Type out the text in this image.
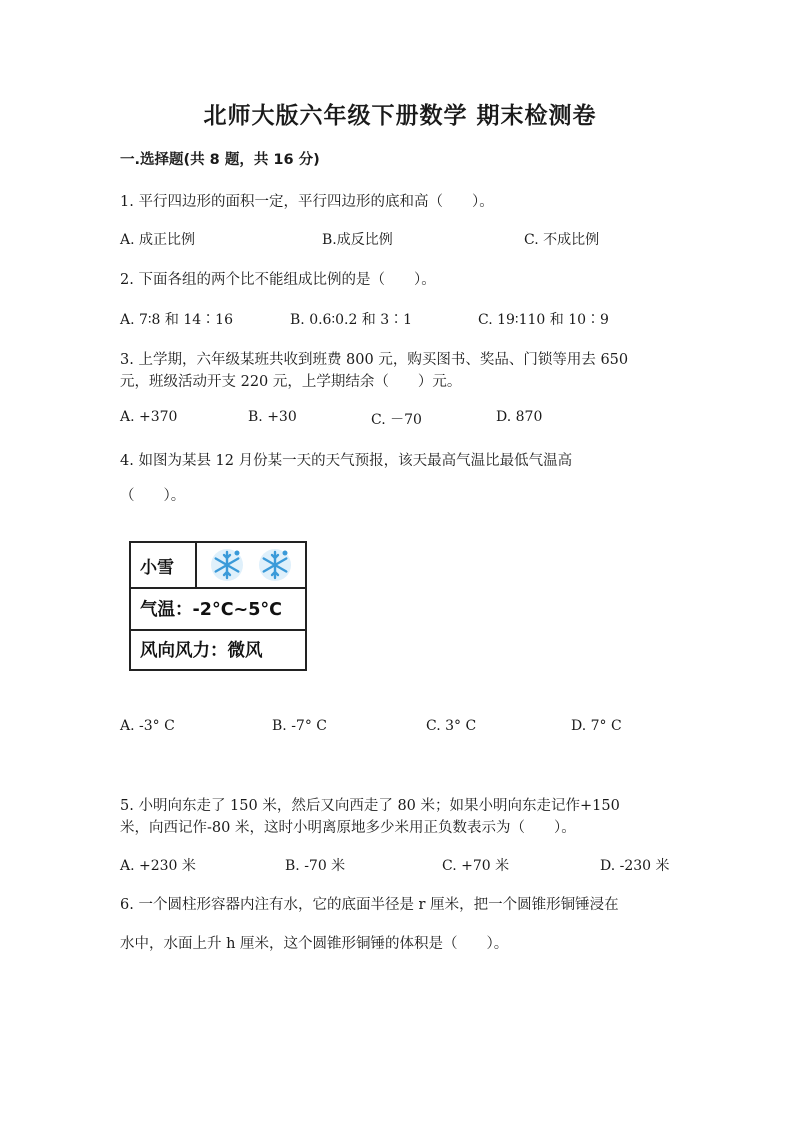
北师大版六年级下册数学 期末检测卷
一.选择题(共 8 题，共 16 分)
1. 平行四边形的面积一定，平行四边形的底和高（　　）。
A. 成正比例	B.成反比例	C. 不成比例
2. 下面各组的两个比不能组成比例的是（　　）。
A. 7∶8 和 14∶16	B. 0.6∶0.2 和 3∶1	C. 19∶110 和 10∶9
3. 上学期，六年级某班共收到班费 800 元，购买图书、奖品、门锁等用去 650
元，班级活动开支 220 元，上学期结余（　　）元。
A. +370	B. +30	C. －70	D. 870
4. 如图为某县 12 月份某一天的天气预报，该天最高气温比最低气温高
（　　）。
小雪
气温：-2°C~5°C
风向风力：微风
A. -3° C	B. -7° C	C. 3° C	D. 7° C
5. 小明向东走了 150 米，然后又向西走了 80 米；如果小明向东走记作+150
米，向西记作-80 米，这时小明离原地多少米用正负数表示为（　　）。
A. +230 米	B. -70 米	C. +70 米	D. -230 米
6. 一个圆柱形容器内注有水，它的底面半径是 r 厘米，把一个圆锥形铜锤浸在
水中，水面上升 h 厘米，这个圆锥形铜锤的体积是（　　）。
